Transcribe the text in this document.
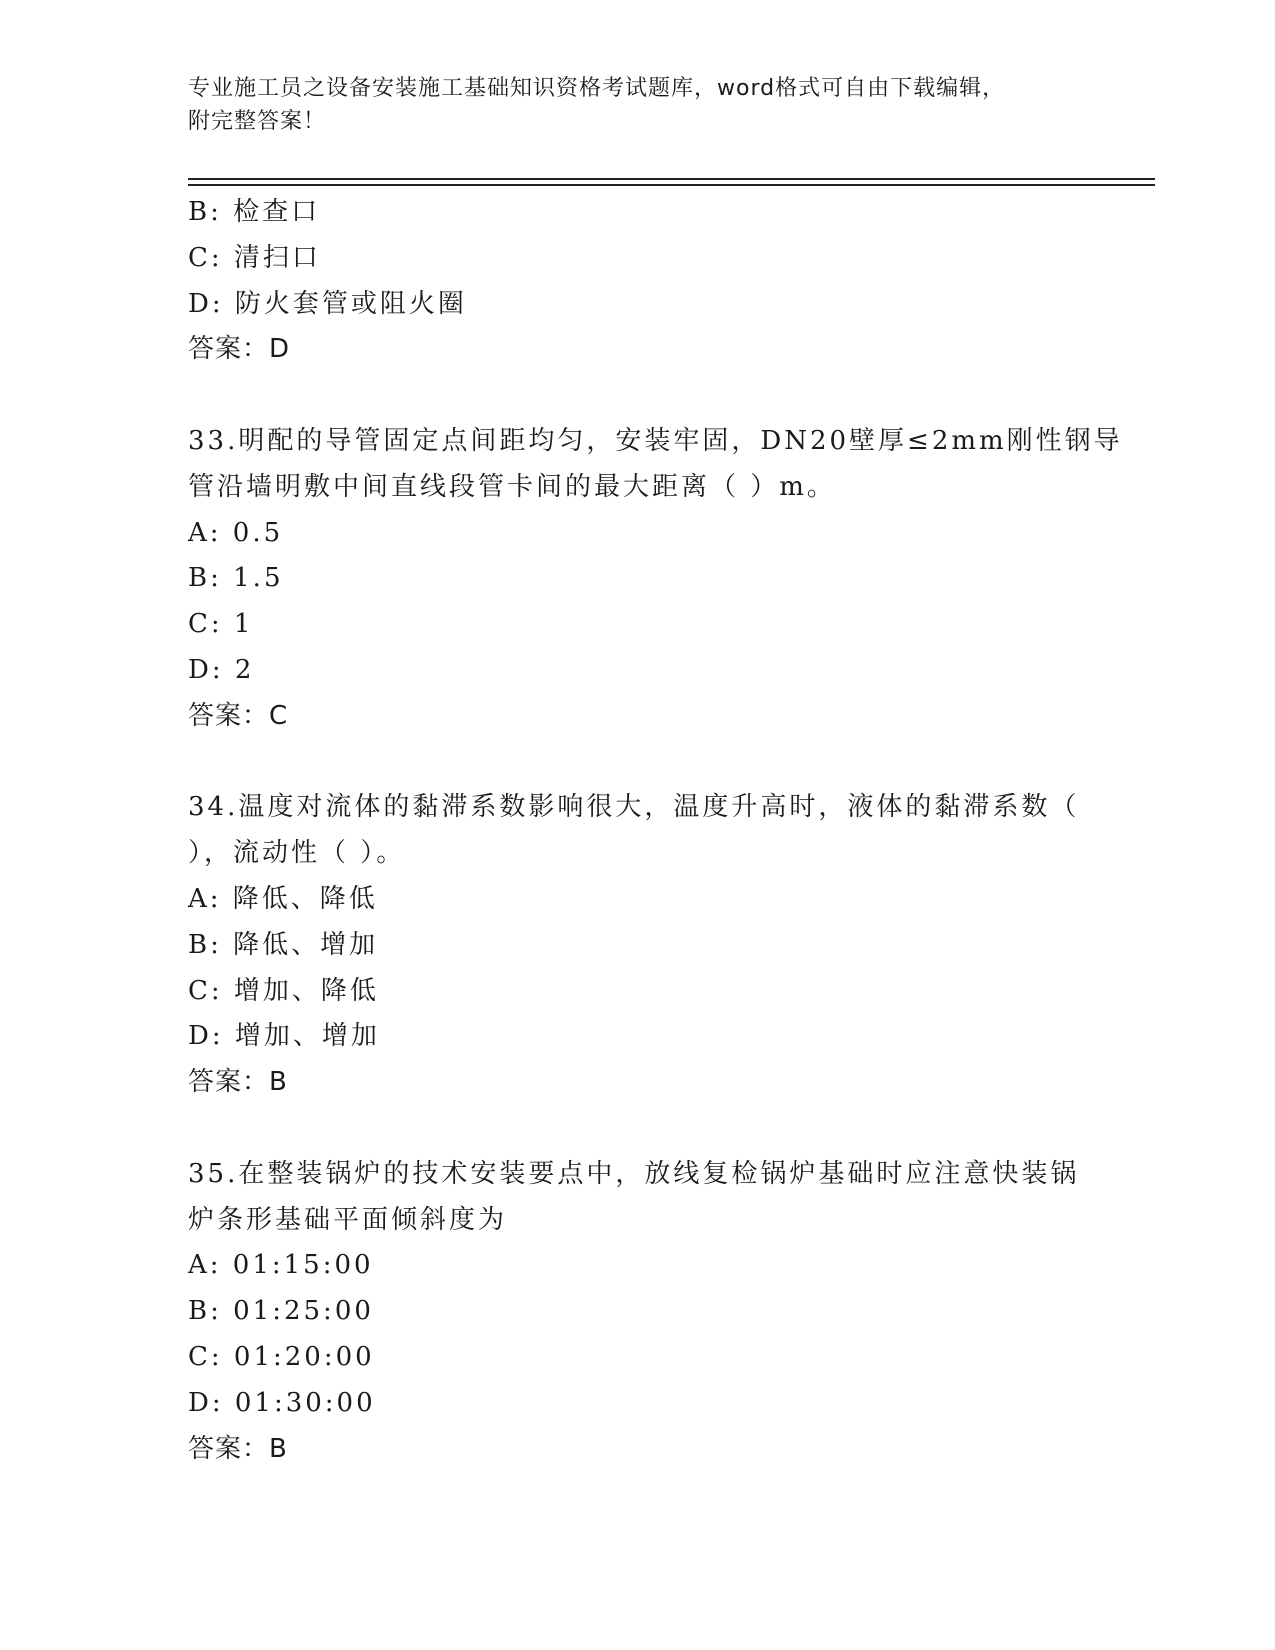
专业施工员之设备安装施工基础知识资格考试题库，word格式可自由下载编辑，
附完整答案！
B: 检查口
C: 清扫口
D: 防火套管或阻火圈
答案：D
33.明配的导管固定点间距均匀，安装牢固，DN20壁厚≤2mm刚性钢导
管沿墙明敷中间直线段管卡间的最大距离（ ）m。
A: 0.5
B: 1.5
C: 1
D: 2
答案：C
34.温度对流体的黏滞系数影响很大，温度升高时，液体的黏滞系数（
），流动性（ ）。
A: 降低、降低
B: 降低、增加
C: 增加、降低
D: 增加、增加
答案：B
35.在整装锅炉的技术安装要点中，放线复检锅炉基础时应注意快装锅
炉条形基础平面倾斜度为
A: 01:15:00
B: 01:25:00
C: 01:20:00
D: 01:30:00
答案：B
